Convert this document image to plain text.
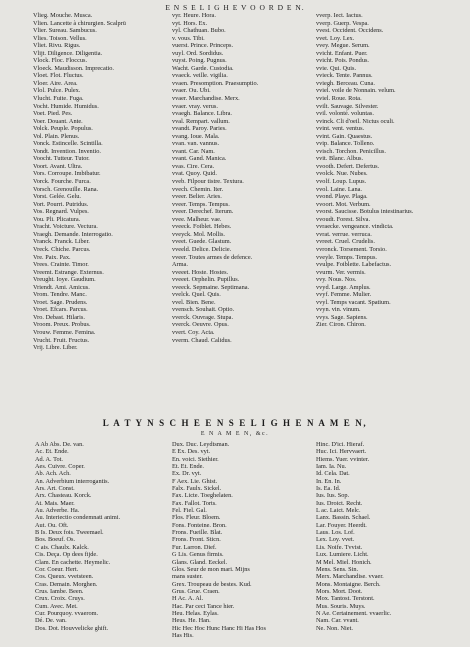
E N S E L I G H E V O O R D E N.
Vlieg. Mouche. Musca.
Vlien. Lancette à chirurgien. Scalprū
Vlier. Sureau. Sambucus.
Vlies. Toison. Vellus.
Vliet. Rivu. Rigus.
Vlijt. Diligence. Diligentia.
Vlock. Floc. Floccus.
Vloeck. Maudisson. Imprecatio.
Vloet. Flot. Fluctus.
Vloer. Aire. Area.
Vlol. Pulce. Pulex.
Vlucht. Fuite. Fuga.
Vocht. Humide. Humidus.
Voet. Pied. Pes.
Voer. Douant. Ante.
Volck. Peuple. Populus.
Vol. Plain. Plenus.
Vonck. Estincelle. Scintilla.
Vondt. Invention. Inventio.
Voocht. Tutteur. Tutor.
Voort. Avant. Ultra.
Vors. Corroupe. Imbibatur.
Vorck. Fourche. Furca.
Vorsch. Grenouille. Rana.
Vorst. Gelée. Gelu.
Vort. Pourri. Putridus.
Vos. Regnard. Vulpes.
Vou. Pli. Plicatura.
Vracht. Voicture. Vectura.
Vraegh. Demande. Interrogatio.
Vranck. Franck. Liber.
Vreck. Chiche. Parcus.
Vre. Paix. Pax.
Vrees. Crainte. Timor.
Vreemt. Estrange. Externus.
Vreught. Ioye. Gaudium.
Vriendt. Ami. Amicus.
Vrom. Tendre. Manc.
Vroet. Sage. Prudens.
Vroet. Efcars. Parcus.
Vro. Debast. Hilaris.
Vroom. Preux. Probus.
Vrouw. Femme. Femina.
Vrucht. Fruit. Fructus.
Vrij. Libre. Liber.
vyr. Heure. Hora.
vyt. Hors. Ex.
vyl. Chathuan. Bubo.
v. vous. Tibi.
vuerst. Prince. Princeps.
vuyl. Ord. Sordidus.
vuyst. Poing. Pugnus.
Wacht. Garde. Custodia.
vvaeck. veille. vigilia.
vvaen. Presomption. Praesumptio.
vvaer. Ou. Ubi.
vvaer. Marchandise. Merx.
vvaer. vray. verus.
vvaegh. Balance. Libra.
vval. Rempart. vallum.
vvandt. Paroy. Paries.
vvang. Ioue. Mala.
vvan. van. vannus.
vvant. Car. Nam.
vvant. Gand. Manica.
vvas. Cire. Cera.
vvat. Quoy. Quid.
vveb. Filpour tistre. Textura.
vvech. Chemin. Iter.
vveer. Belier. Aries.
vveer. Temps. Tempus.
vveer. Derechef. Iterum.
vvee. Malheur. vae.
vveeck. Foiblet. Hebes.
vveyck. Mol. Mollis.
vveet. Guede. Glastum.
vveeld. Delice. Delicie.
vveer. Toutes armes de defence.
Arma.
vveeet. Hoste. Hostes.
vveeet. Orphelin. Pupillus.
vveeck. Sepmaine. Septimana.
vvelck. Quel. Quis.
vvel. Bien. Bene.
vvensch. Souhait. Optio.
vverck. Ouvrage. Stupa.
vverck. Oeuvre. Opus.
vvert. Coy. Acta.
vverm. Chaud. Calidus.
vverp. Iect. Iactus.
vverp. Guerp. Vespa.
vvest. Occident. Occidens.
vvet. Loy. Lex.
vvey. Megue. Serum.
vvicht. Enfant. Puer.
vvicht. Pois. Pondus.
vvie. Qui. Quis.
vvieck. Tente. Pannus.
vviegh. Berceau. Cuna.
vviel. voile de Nonnain. velum.
vviel. Roue. Rota.
vvilt. Sauvage. Silvester.
vvil. volonté. voluntas.
vvinck. Cli d'oeil. Nictus oculi.
vvint. vent. ventus.
vvint. Gain. Quaestus.
vvip. Balance. Tolleno.
vvisch. Torchon. Penicillus.
vvit. Blanc. Albus.
vvooth. Defert. Defertus.
vvolck. Nue. Nubes.
vvolf. Loup. Lupus.
vvol. Laine. Lana.
vvond. Playe. Plaga.
vvoort. Mot. Verbum.
vvorst. Saucisse. Botulus intestinarius.
vvoudt. Forest. Silva.
vvraecke. vengeance. vindicta.
vvrat. verrue. verruca.
vvreet. Cruel. Crudelis.
vvronck. Torsement. Torsio.
vveyle. Temps. Tempus.
vvulpe. Foiblette. Labefactus.
vvurm. Ver. vermis.
vvy. Nous. Nos.
vvyd. Large. Amplus.
vvyf. Femme. Mulier.
vvyl. Temps vacant. Spatium.
vvyn. vin. vinum.
vvys. Sage. Sapiens.
Zier. Ciron. Chiron.
L A T Y N S C H E E N S E L I G H E N A M E N,
E N A M E N, &c.
A Ab Abs. De. van.
Ac. Et. Ende.
Ad. A. Tot.
Aes. Cuivre. Coper.
Ab. Ach. Ach.
An. Adverbium interrogantis.
Ars. Art. Const.
Arx. Chasteau. Korck.
At. Mais. Maer.
Au. Adverbe. Ha.
Au. Interiectio condemnati animi.
Aut. Ou. Oft.
B Is. Deux fois. Tweemael.
Bos. Boeuf. Os.
C ais. Chaulx. Kalck.
Cis. Deça. Op dees fijde.
Clam. En cachette. Heymelic.
Cor. Coeur. Hert.
Cos. Queux. vvetsteen.
Cras. Demain. Morghen.
Crus. Iambe. Been.
Crux. Croix. Cruys.
Cum. Avec. Met.
Cur. Pourquoy. vvaerom.
Dé. De. van.
Dos. Dot. Houvvelicke ghift.
Dux. Duc. Leydtsman.
E Ex. Des. vyt.
En. voici. Siethier.
Et. Et. Ende.
Ex. Dr. vyt.
F Aex. Lie. Ghist.
Falx. Faulx. Sickel.
Fax. Licte. Toeghelaten.
Fax. Fallot. Torts.
Fel. Fiel. Gal.
Flos. Fleur. Bloem.
Fons. Fonteine. Bron.
Frons. Fueille. Blat.
Frons. Front. Sticn.
Fur. Larron. Dief.
G Lis. Genus firmis.
Glans. Gland. Eeckel.
Glos. Seur de mon mari. Mijns
mans suster.
Grex. Troupeau de bestes. Kud.
Grus. Grue. Craen.
H Ac. A. Al.
Hac. Par ceci Tance hier.
Heu. Helas. Eylas.
Heus. He. Han.
Hic Hec Hoc Hunc Hanc Hi Has Hos
Has His.
Hinc. D'ici. Hieraf.
Huc. Ici. Hervvaert.
Hiems. Yuer. vvinter.
Iam. Ia. Nu.
Id. Cela. Dat.
In. En. In.
Is. Ea. Id.
Ius. Ius. Sop.
Ius. Droict. Recht.
L ac. Laict. Melc.
Lanx. Bassin. Schael.
Lar. Fouyer. Heerdt.
Laus. Los. Lof.
Lex. Loy. vvet.
Lis. Noife. Tvvist.
Lux. Lumiere. Licht.
M Mel. Miel. Honich.
Mens. Sens. Sin.
Merx. Marchandise. vvaer.
Mons. Montaigne. Berch.
Mors. Mort. Doot.
Mox. Tantost. Terstont.
Mus. Souris. Muys.
N Ae. Certainement. vvaerlic.
Nam. Car. vvant.
Ne. Non. Niet.
